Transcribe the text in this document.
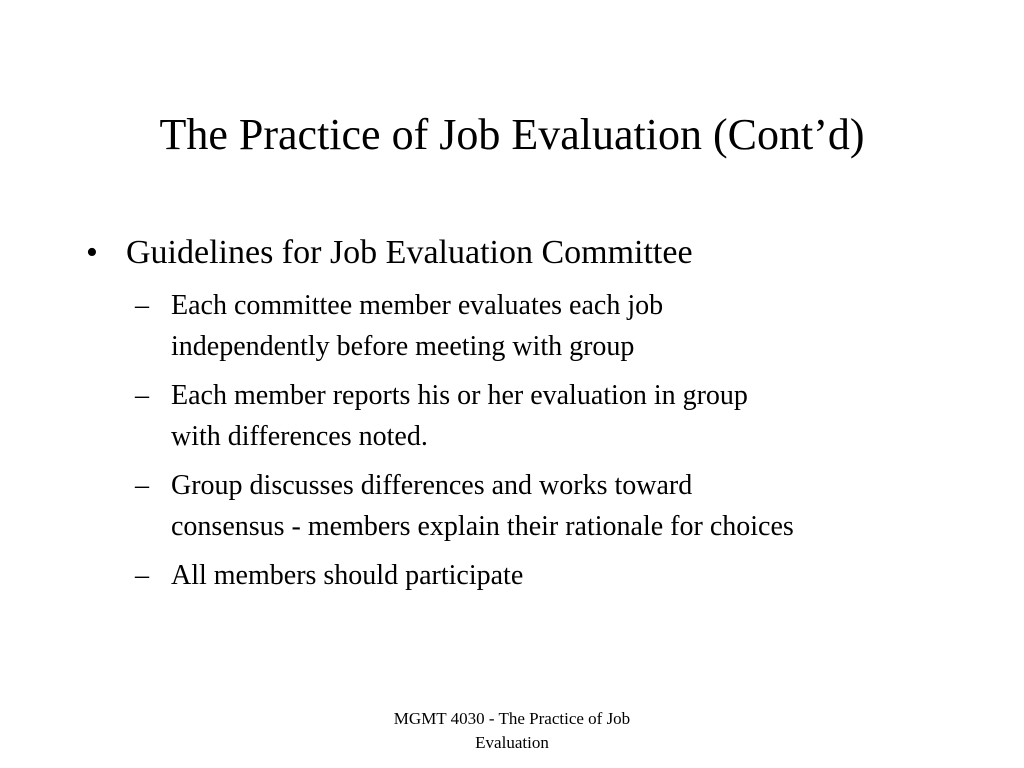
The Practice of Job Evaluation (Cont’d)
• Guidelines for Job Evaluation Committee
– Each committee member evaluates each job
independently before meeting with group
– Each member reports his or her evaluation in group
with differences noted.
– Group discusses differences and works toward
consensus - members explain their rationale for choices
– All members should participate
MGMT 4030 - The Practice of Job
Evaluation
